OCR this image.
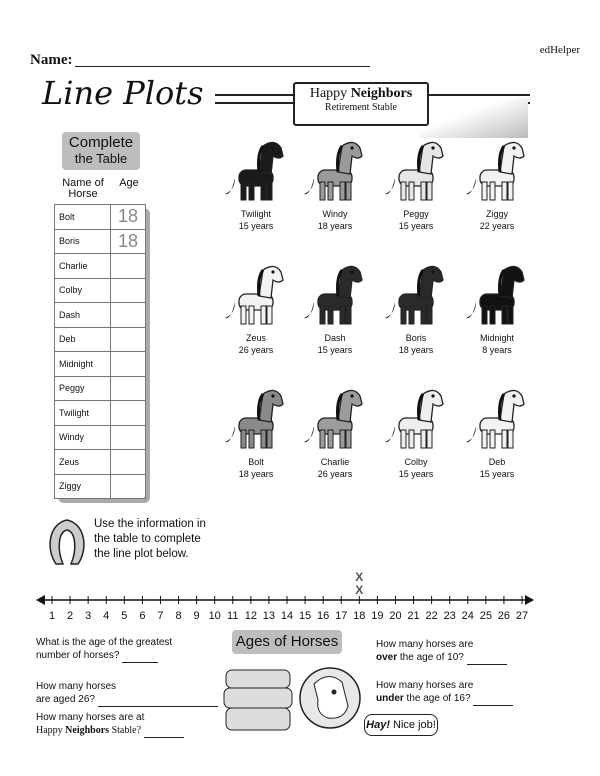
edHelper
Name:
Line Plots	Happy Neighbors
Retirement Stable
Complete
the Table
Name of Horse
Age
Bolt	18
Boris	18
Charlie	
Colby	
Dash	
Deb	
Midnight	
Peggy	
Twilight	
Windy	
Zeus	
Ziggy	
Twilight
15 years
Windy
18 years
Peggy
15 years
Ziggy
22 years
Zeus
26 years
Dash
15 years
Boris
18 years
Midnight
8 years
Bolt
18 years
Charlie
26 years
Colby
15 years
Deb
15 years
Use the information in the table to complete the line plot below.
1	2	3	4	5	6	7	8	9 10 11 12 13 14 15 16 17 18 19 20 21 22 23 24 25 26 27
X
X
Ages of Horses
What is the age of the greatest number of horses?
How many horses
are aged 26?
How many horses are at
Happy Neighbors Stable?
How many horses are
over the age of 10?
How many horses are
under the age of 16?
Hay! Nice job!
